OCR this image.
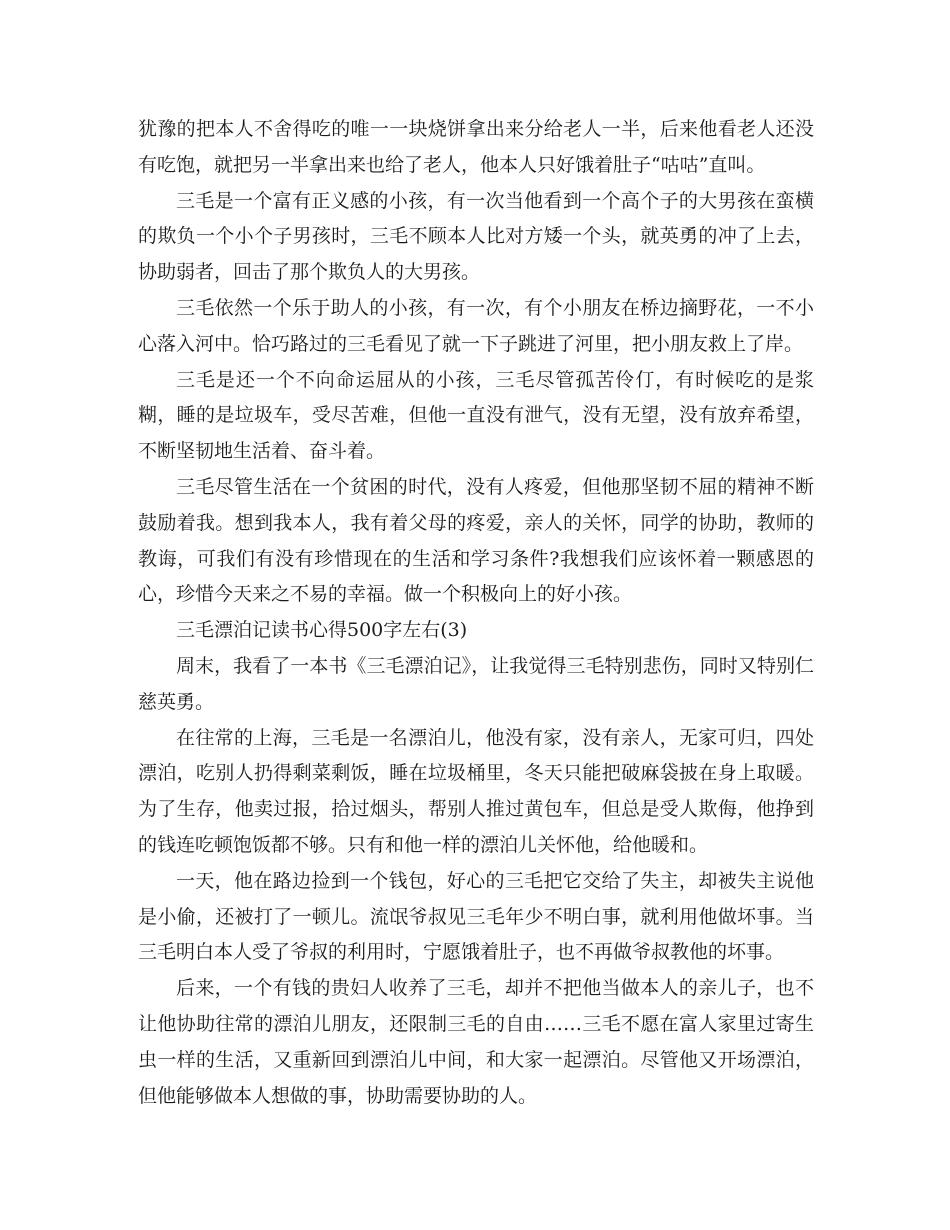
犹豫的把本人不舍得吃的唯一一块烧饼拿出来分给老人一半，后来他看老人还没有吃饱，就把另一半拿出来也给了老人，他本人只好饿着肚子“咕咕”直叫。

三毛是一个富有正义感的小孩，有一次当他看到一个高个子的大男孩在蛮横的欺负一个小个子男孩时，三毛不顾本人比对方矮一个头，就英勇的冲了上去，协助弱者，回击了那个欺负人的大男孩。

三毛依然一个乐于助人的小孩，有一次，有个小朋友在桥边摘野花，一不小心落入河中。恰巧路过的三毛看见了就一下子跳进了河里，把小朋友救上了岸。

三毛是还一个不向命运屈从的小孩，三毛尽管孤苦伶仃，有时候吃的是浆糊，睡的是垃圾车，受尽苦难，但他一直没有泄气，没有无望，没有放弃希望，不断坚韧地生活着、奋斗着。

三毛尽管生活在一个贫困的时代，没有人疼爱，但他那坚韧不屈的精神不断鼓励着我。想到我本人，我有着父母的疼爱，亲人的关怀，同学的协助，教师的教诲，可我们有没有珍惜现在的生活和学习条件?我想我们应该怀着一颗感恩的心，珍惜今天来之不易的幸福。做一个积极向上的好小孩。

三毛漂泊记读书心得500字左右(3)

周末，我看了一本书《三毛漂泊记》，让我觉得三毛特别悲伤，同时又特别仁慈英勇。

在往常的上海，三毛是一名漂泊儿，他没有家，没有亲人，无家可归，四处漂泊，吃别人扔得剩菜剩饭，睡在垃圾桶里，冬天只能把破麻袋披在身上取暖。为了生存，他卖过报，拾过烟头，帮别人推过黄包车，但总是受人欺侮，他挣到的钱连吃顿饱饭都不够。只有和他一样的漂泊儿关怀他，给他暖和。

一天，他在路边捡到一个钱包，好心的三毛把它交给了失主，却被失主说他是小偷，还被打了一顿儿。流氓爷叔见三毛年少不明白事，就利用他做坏事。当三毛明白本人受了爷叔的利用时，宁愿饿着肚子，也不再做爷叔教他的坏事。

后来，一个有钱的贵妇人收养了三毛，却并不把他当做本人的亲儿子，也不让他协助往常的漂泊儿朋友，还限制三毛的自由……三毛不愿在富人家里过寄生虫一样的生活，又重新回到漂泊儿中间，和大家一起漂泊。尽管他又开场漂泊，但他能够做本人想做的事，协助需要协助的人。
